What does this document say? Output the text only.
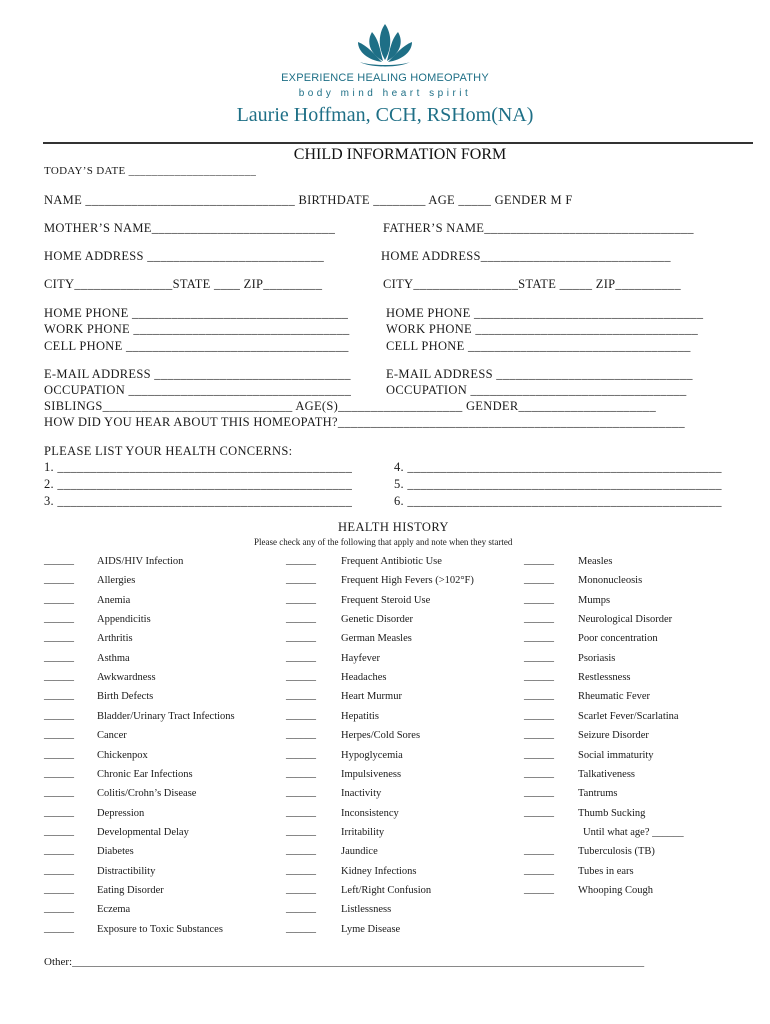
EXPERIENCE HEALING HOMEOPATHY
body mind heart spirit
Laurie Hoffman, CCH, RSHom(NA)
CHILD INFORMATION FORM
TODAY’S DATE ______________________
NAME ________________________________ BIRTHDATE ________ AGE _____ GENDER M F
MOTHER’S NAME____________________________	FATHER’S NAME________________________________
HOME ADDRESS ___________________________	HOME ADDRESS_____________________________
CITY_______________STATE ____ ZIP_________	CITY________________STATE _____ ZIP__________
HOME PHONE _________________________________	HOME PHONE ___________________________________
WORK PHONE _________________________________	WORK PHONE __________________________________
CELL PHONE __________________________________	CELL PHONE __________________________________
E-MAIL ADDRESS ______________________________	E-MAIL ADDRESS ______________________________
OCCUPATION __________________________________	OCCUPATION _________________________________
SIBLINGS_____________________________ AGE(S)___________________ GENDER_____________________
HOW DID YOU HEAR ABOUT THIS HOMEOPATH?_____________________________________________________
PLEASE LIST YOUR HEALTH CONCERNS:
1. _____________________________________________
2. _____________________________________________
3. _____________________________________________
4. ________________________________________________
5. ________________________________________________
6. ________________________________________________
HEALTH HISTORY
Please check any of the following that apply and note when they started
______ AIDS/HIV Infection
______ Allergies
______ Anemia
______ Appendicitis
______ Arthritis
______ Asthma
______ Awkwardness
______ Birth Defects
______ Bladder/Urinary Tract Infections
______ Cancer
______ Chickenpox
______ Chronic Ear Infections
______ Colitis/Crohn’s Disease
______ Depression
______ Developmental Delay
______ Diabetes
______ Distractibility
______ Eating Disorder
______ Eczema
______ Exposure to Toxic Substances
______ Frequent Antibiotic Use
______ Frequent High Fevers (>102°F)
______ Frequent Steroid Use
______ Genetic Disorder
______ German Measles
______ Hayfever
______ Headaches
______ Heart Murmur
______ Hepatitis
______ Herpes/Cold Sores
______ Hypoglycemia
______ Impulsiveness
______ Inactivity
______ Inconsistency
______ Irritability
______ Jaundice
______ Kidney Infections
______ Left/Right Confusion
______ Listlessness
______ Lyme Disease
______ Measles
______ Mononucleosis
______ Mumps
______ Neurological Disorder
______ Poor concentration
______ Psoriasis
______ Restlessness
______ Rheumatic Fever
______ Scarlet Fever/Scarlatina
______ Seizure Disorder
______ Social immaturity
______ Talkativeness
______ Tantrums
______ Thumb Sucking
Until what age? ______
______ Tuberculosis (TB)
______ Tubes in ears
______ Whooping Cough
Other:________________________________________________________________________________________________________
